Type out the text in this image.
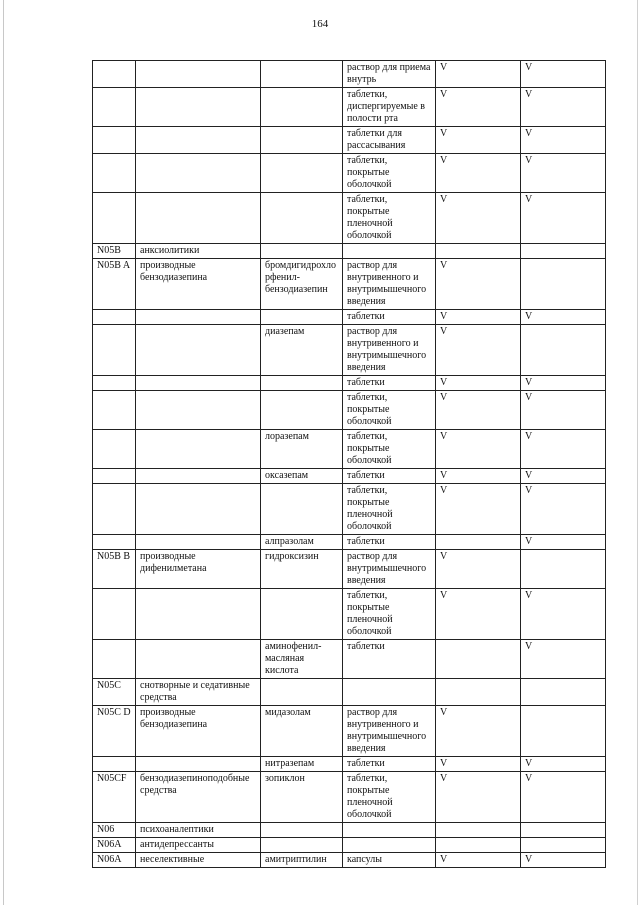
164
			раствор для приема внутрь	V	V
			таблетки, диспергируемые в полости рта	V	V
			таблетки для рассасывания	V	V
			таблетки, покрытые оболочкой	V	V
			таблетки, покрытые пленочной оболочкой	V	V
N05B	анксиолитики				
N05B A	производные бензодиазепина	бромдигидрохлорфенил-бензодиазепин	раствор для внутривенного и внутримышечного введения	V	
			таблетки	V	V
		диазепам	раствор для внутривенного и внутримышечного введения	V	
			таблетки	V	V
			таблетки, покрытые оболочкой	V	V
		лоразепам	таблетки, покрытые оболочкой	V	V
		оксазепам	таблетки	V	V
			таблетки, покрытые пленочной оболочкой	V	V
		алпразолам	таблетки		V
N05B B	производные дифенилметана	гидроксизин	раствор для внутримышечного введения	V	
			таблетки, покрытые пленочной оболочкой	V	V
		аминофенил-масляная кислота	таблетки		V
N05C	снотворные и седативные средства				
N05C D	производные бензодиазепина	мидазолам	раствор для внутривенного и внутримышечного введения	V	
		нитразепам	таблетки	V	V
N05CF	бензодиазепиноподобные средства	зопиклон	таблетки, покрытые пленочной оболочкой	V	V
N06	психоаналептики				
N06A	антидепрессанты				
N06A	неселективные	амитриптилин	капсулы	V	V
